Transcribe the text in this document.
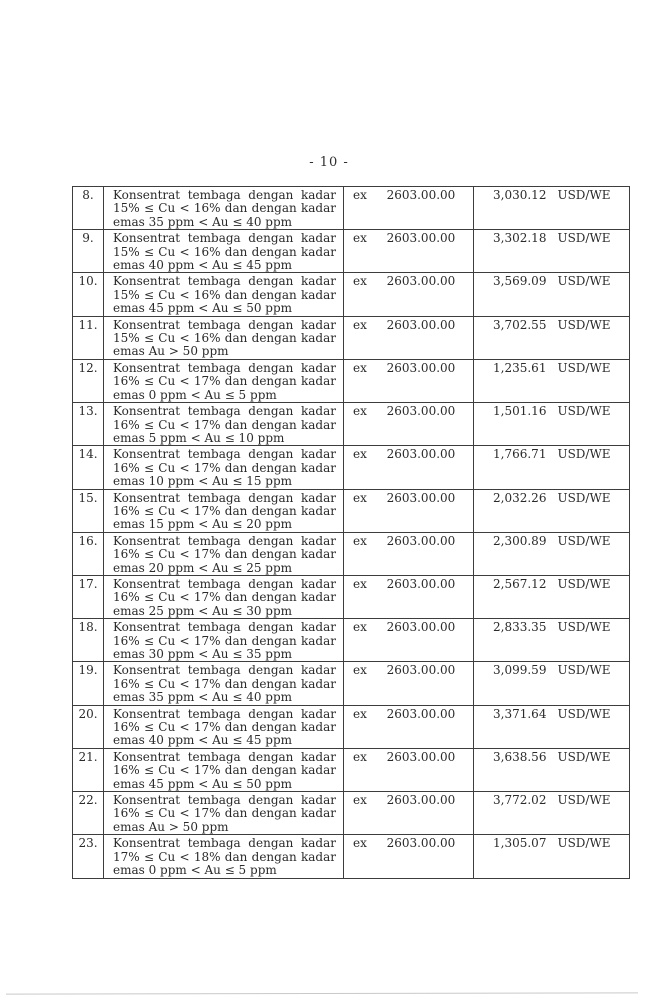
- 10 -
8.	Konsentrat tembaga dengan kadar
15% ≤ Cu < 16% dan dengan kadar
emas 35 ppm < Au ≤ 40 ppm

ex	2603.00.00	3,030.12 USD/WE

9.	Konsentrat tembaga dengan kadar
15% ≤ Cu < 16% dan dengan kadar
emas 40 ppm < Au ≤ 45 ppm

ex	2603.00.00	3,302.18 USD/WE

10.	Konsentrat tembaga dengan kadar
15% ≤ Cu < 16% dan dengan kadar
emas 45 ppm < Au ≤ 50 ppm

ex	2603.00.00	3,569.09 USD/WE

11.	Konsentrat tembaga dengan kadar
15% ≤ Cu < 16% dan dengan kadar
emas Au > 50 ppm

ex	2603.00.00	3,702.55 USD/WE

12.	Konsentrat tembaga dengan kadar
16% ≤ Cu < 17% dan dengan kadar
emas 0 ppm < Au ≤ 5 ppm

ex	2603.00.00	1,235.61 USD/WE

13.	Konsentrat tembaga dengan kadar
16% ≤ Cu < 17% dan dengan kadar
emas 5 ppm < Au ≤ 10 ppm

ex	2603.00.00	1,501.16 USD/WE

14.	Konsentrat tembaga dengan kadar
16% ≤ Cu < 17% dan dengan kadar
emas 10 ppm < Au ≤ 15 ppm

ex	2603.00.00	1,766.71 USD/WE

15.	Konsentrat tembaga dengan kadar
16% ≤ Cu < 17% dan dengan kadar
emas 15 ppm < Au ≤ 20 ppm

ex	2603.00.00	2,032.26 USD/WE

16.	Konsentrat tembaga dengan kadar
16% ≤ Cu < 17% dan dengan kadar
emas 20 ppm < Au ≤ 25 ppm

ex	2603.00.00	2,300.89 USD/WE

17.	Konsentrat tembaga dengan kadar
16% ≤ Cu < 17% dan dengan kadar
emas 25 ppm < Au ≤ 30 ppm

ex	2603.00.00	2,567.12 USD/WE

18.	Konsentrat tembaga dengan kadar
16% ≤ Cu < 17% dan dengan kadar
emas 30 ppm < Au ≤ 35 ppm

ex	2603.00.00	2,833.35 USD/WE

19.	Konsentrat tembaga dengan kadar
16% ≤ Cu < 17% dan dengan kadar
emas 35 ppm < Au ≤ 40 ppm

ex	2603.00.00	3,099.59 USD/WE

20.	Konsentrat tembaga dengan kadar
16% ≤ Cu < 17% dan dengan kadar
emas 40 ppm < Au ≤ 45 ppm

ex	2603.00.00	3,371.64 USD/WE

21.	Konsentrat tembaga dengan kadar
16% ≤ Cu < 17% dan dengan kadar
emas 45 ppm < Au ≤ 50 ppm

ex	2603.00.00	3,638.56 USD/WE

22.	Konsentrat tembaga dengan kadar
16% ≤ Cu < 17% dan dengan kadar
emas Au > 50 ppm

ex	2603.00.00	3,772.02 USD/WE

23.	Konsentrat tembaga dengan kadar
17% ≤ Cu < 18% dan dengan kadar
emas 0 ppm < Au ≤ 5 ppm

ex	2603.00.00	1,305.07 USD/WE
